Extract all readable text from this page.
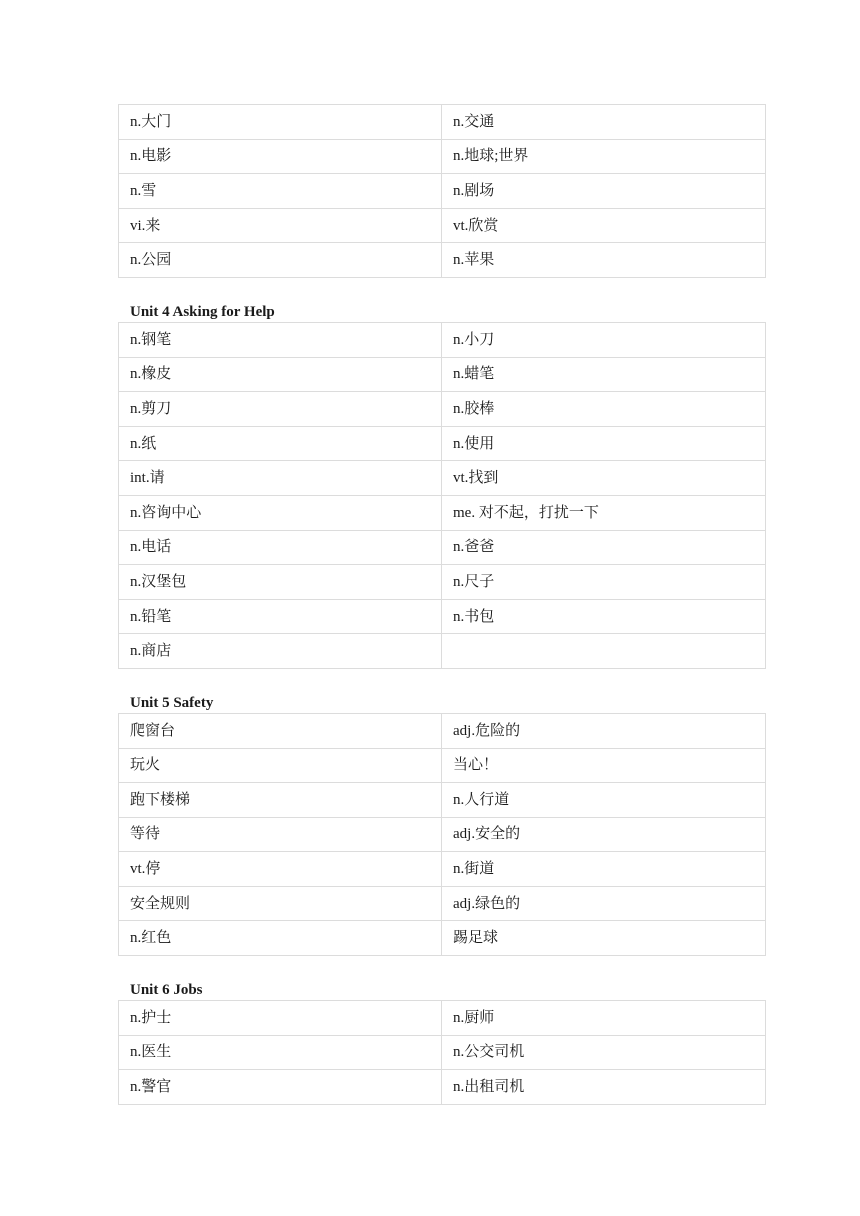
n.大门	n.交通
n.电影	n.地球;世界
n.雪	n.剧场
vi.来	vt.欣赏
n.公园	n.苹果
Unit 4 Asking for Help
n.钢笔	n.小刀
n.橡皮	n.蜡笔
n.剪刀	n.胶棒
n.纸	n.使用
int.请	vt.找到
n.咨询中心	me. 对不起，打扰一下
n.电话	n.爸爸
n.汉堡包	n.尺子
n.铅笔	n.书包
n.商店	
Unit 5 Safety
爬窗台	adj.危险的
玩火	当心！
跑下楼梯	n.人行道
等待	adj.安全的
vt.停	n.街道
安全规则	adj.绿色的
n.红色	踢足球
Unit 6 Jobs
n.护士	n.厨师
n.医生	n.公交司机
n.警官	n.出租司机
